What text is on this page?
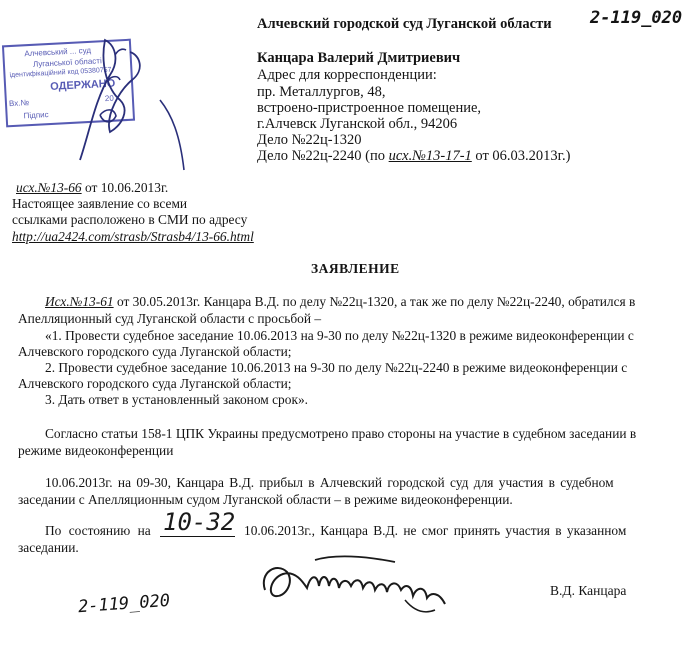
2-119_020
Алчевский городской суд Луганской области
Канцара Валерий Дмитриевич
Адрес для корреспонденции:
пр. Металлургов, 48,
встроено-пристроенное помещение,
г.Алчевск Луганской обл., 94206
Дело №22ц-1320
Дело №22ц-2240 (по исх.№13-17-1 от 06.03.2013г.)
Алчевський ... суд
Луганської області
ідентифікаційний код 05380757
ОДЕРЖАНО
Вх.№	20
Підпис
исх.№13-66 от 10.06.2013г.
Настоящее заявление со всеми
ссылками расположено в СМИ по адресу
http://ua2424.com/strasb/Strasb4/13-66.html
ЗАЯВЛЕНИЕ
Исх.№13-61 от 30.05.2013г. Канцара В.Д. по делу №22ц-1320, а так же по делу №22ц-2240, обратился в
Апелляционный суд Луганской области с просьбой –
«1. Провести судебное заседание 10.06.2013 на 9-30 по делу №22ц-1320 в режиме видеоконференции с
Алчевского городского суда Луганской области;
2. Провести судебное заседание 10.06.2013 на 9-30 по делу №22ц-2240 в режиме видеоконференции с
Алчевского городского суда Луганской области;
3. Дать ответ в установленный законом срок».
Согласно статьи 158-1 ЦПК Украины предусмотрено право стороны на участие в судебном заседании в
режиме видеоконференции
10.06.2013г. на 09-30, Канцара В.Д. прибыл в Алчевский городской суд для участия в судебном
заседании с Апелляционным судом Луганской области – в режиме видеоконференции.
По состоянию на 10-32 10.06.2013г., Канцара В.Д. не смог принять участия в указанном
заседании.
В.Д. Канцара
2-119_020
